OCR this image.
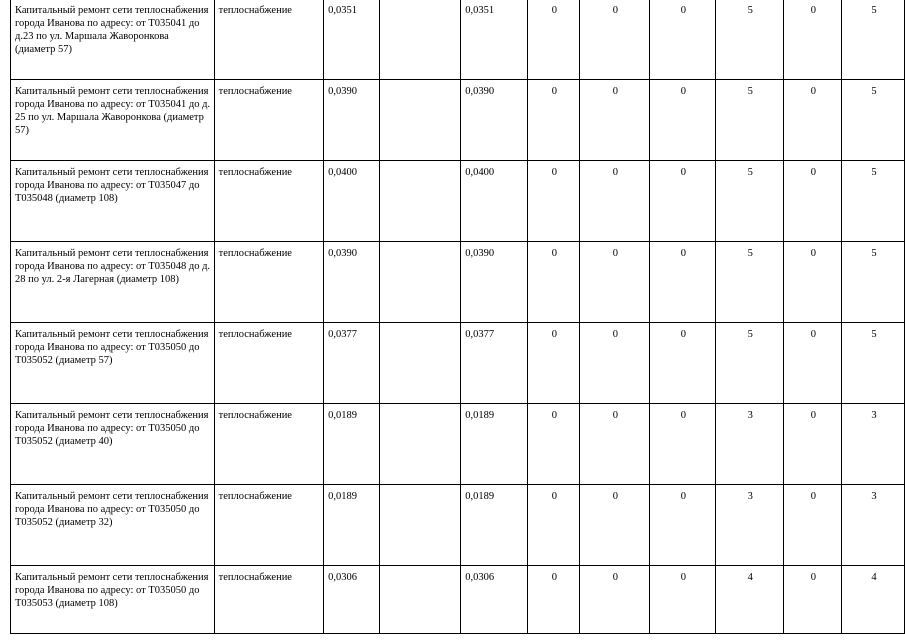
Капитальный ремонт сети теплоснабжения города Иванова по адресу: от Т035041 до д.23 по ул. Маршала Жаворонкова (диаметр 57)	теплоснабжение	0,0351		0,0351	0	0	0	5	0	5
Капитальный ремонт сети теплоснабжения города Иванова по адресу: от Т035041 до д. 25 по ул. Маршала Жаворонкова (диаметр 57)	теплоснабжение	0,0390		0,0390	0	0	0	5	0	5
Капитальный ремонт сети теплоснабжения города Иванова по адресу: от Т035047 до Т035048 (диаметр 108)	теплоснабжение	0,0400		0,0400	0	0	0	5	0	5
Капитальный ремонт сети теплоснабжения города Иванова по адресу: от Т035048 до д. 28 по ул. 2-я Лагерная (диаметр 108)	теплоснабжение	0,0390		0,0390	0	0	0	5	0	5
Капитальный ремонт сети теплоснабжения города Иванова по адресу: от Т035050 до Т035052 (диаметр 57)	теплоснабжение	0,0377		0,0377	0	0	0	5	0	5
Капитальный ремонт сети теплоснабжения города Иванова по адресу: от Т035050 до Т035052 (диаметр 40)	теплоснабжение	0,0189		0,0189	0	0	0	3	0	3
Капитальный ремонт сети теплоснабжения города Иванова по адресу: от Т035050 до Т035052 (диаметр 32)	теплоснабжение	0,0189		0,0189	0	0	0	3	0	3
Капитальный ремонт сети теплоснабжения города Иванова по адресу: от Т035050 до Т035053 (диаметр 108)	теплоснабжение	0,0306		0,0306	0	0	0	4	0	4
